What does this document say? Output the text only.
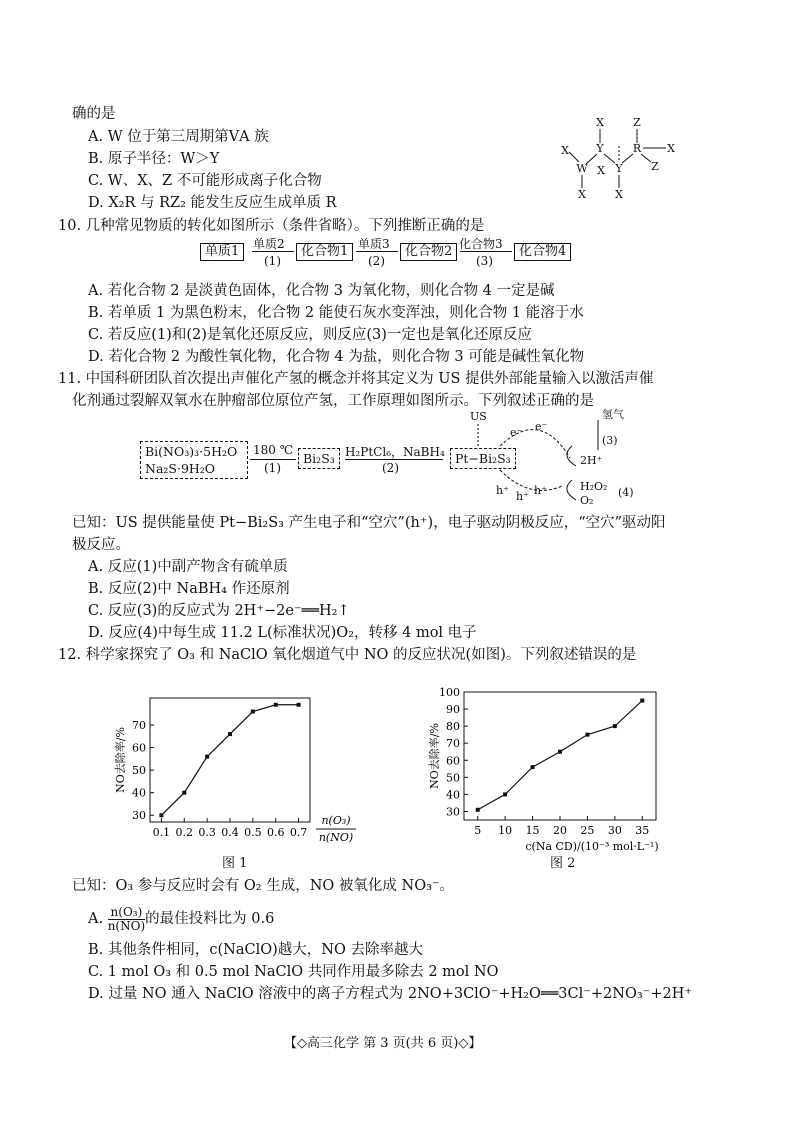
确的是
A. W 位于第三周期第ⅤA 族
B. 原子半径：W＞Y
C. W、X、Z 不可能形成离子化合物
D. X₂R 与 RZ₂ 能发生反应生成单质 R
X
Y
Z
R X
X
W
X
Y
X
X
Z
10. 几种常见物质的转化如图所示（条件省略）。下列推断正确的是
单质1	单质2
(1)
化合物1 单质3
(2)
化合物2 化合物3
(3)
化合物4
A. 若化合物 2 是淡黄色固体，化合物 3 为氧化物，则化合物 4 一定是碱
B. 若单质 1 为黑色粉末，化合物 2 能使石灰水变浑浊，则化合物 1 能溶于水
C. 若反应(1)和(2)是氧化还原反应，则反应(3)一定也是氧化还原反应
D. 若化合物 2 为酸性氧化物，化合物 4 为盐，则化合物 3 可能是碱性氧化物
11. 中国科研团队首次提出声催化产氢的概念并将其定义为 US 提供外部能量输入以激活声催
化剂通过裂解双氧水在肿瘤部位原位产氢，工作原理如图所示。下列叙述正确的是
Bi(NO₃)₃·5H₂O
Na₂S·9H₂O
180 ℃
(1)
Bi₂S₃ H₂PtCl₆，NaBH₄
(2)
Pt−Bi₂S₃
US
e⁻ e⁻
氢气
(3)
2H⁺
H₂O₂
O₂
(4)
h⁺ h⁺ h⁺
已知：US 提供能量使 Pt−Bi₂S₃ 产生电子和“空穴”(h⁺)，电子驱动阴极反应，“空穴”驱动阳
极反应。
A. 反应(1)中副产物含有硫单质
B. 反应(2)中 NaBH₄ 作还原剂
C. 反应(3)的反应式为 2H⁺−2e⁻══H₂↑
D. 反应(4)中每生成 11.2 L(标准状况)O₂，转移 4 mol 电子
12. 科学家探究了 O₃ 和 NaClO 氧化烟道气中 NO 的反应状况(如图)。下列叙述错误的是
0.1 0.2 0.3 0.4 0.5 0.6 0.7
30
40
50
60
70
NO去除率/%
n(O₃)
n(NO)
5 10 15 20 25 30 35
30
40
50
60
70
80
90
100
NO去除率/%
c(Na CD)/(10⁻³ mol·L⁻¹)
图 1	图 2
已知：O₃ 参与反应时会有 O₂ 生成，NO 被氧化成 NO₃⁻。
A. $\frac{\text{n(O₃)}}{n(NO)}$ 的最佳投料比为 0.6
B. 其他条件相同，c(NaClO)越大，NO 去除率越大
C. 1 mol O₃ 和 0.5 mol NaClO 共同作用最多除去 2 mol NO
D. 过量 NO 通入 NaClO 溶液中的离子方程式为 2NO+3ClO⁻+H₂O══3Cl⁻+2NO₃⁻+2H⁺
【◇高三化学 第 3 页(共 6 页)◇】
